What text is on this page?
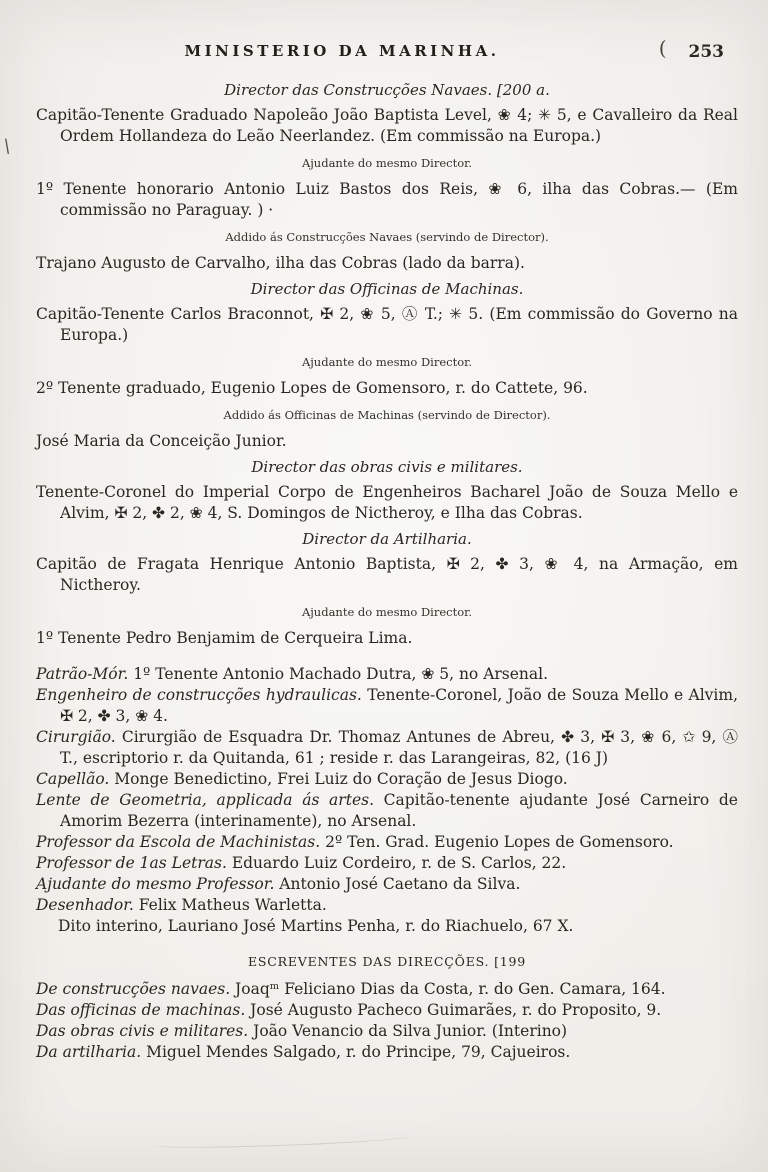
MINISTERIO DA MARINHA.	( 253
\

Director das Construcções Navaes. [200 a.

Capitão-Tenente Graduado Napoleão João Baptista Level, ❀ 4; ✳ 5, e Cavalleiro da Real Ordem Hollandeza do Leão Neerlandez. (Em commissão na Europa.)

Ajudante do mesmo Director.

1º Tenente honorario Antonio Luiz Bastos dos Reis, ❀ 6, ilha das Cobras.— (Em commissão no Paraguay. ) ·

Addido ás Construcções Navaes (servindo de Director).

Trajano Augusto de Carvalho, ilha das Cobras (lado da barra).

Director das Officinas de Machinas.

Capitão-Tenente Carlos Braconnot, ✠ 2, ❀ 5, Ⓐ T.; ✳ 5. (Em commissão do Governo na Europa.)

Ajudante do mesmo Director.

2º Tenente graduado, Eugenio Lopes de Gomensoro, r. do Cattete, 96.

Addido ás Officinas de Machinas (servindo de Director).

José Maria da Conceição Junior.

Director das obras civis e militares.

Tenente-Coronel do Imperial Corpo de Engenheiros Bacharel João de Souza Mello e Alvim, ✠ 2, ✤ 2, ❀ 4, S. Domingos de Nictheroy, e Ilha das Cobras.

Director da Artilharia.

Capitão de Fragata Henrique Antonio Baptista, ✠ 2, ✤ 3, ❀ 4, na Armação, em Nictheroy.

Ajudante do mesmo Director.

1º Tenente Pedro Benjamim de Cerqueira Lima.

Patrão-Mór. 1º Tenente Antonio Machado Dutra, ❀ 5, no Arsenal.

Engenheiro de construcções hydraulicas. Tenente-Coronel, João de Souza Mello e Alvim, ✠ 2, ✤ 3, ❀ 4.

Cirurgião. Cirurgião de Esquadra Dr. Thomaz Antunes de Abreu, ✤ 3, ✠ 3, ❀ 6, ✩ 9, Ⓐ T., escriptorio r. da Quitanda, 61 ; reside r. das Larangeiras, 82, (16 J)

Capellão. Monge Benedictino, Frei Luiz do Coração de Jesus Diogo.

Lente de Geometria, applicada ás artes. Capitão-tenente ajudante José Carneiro de Amorim Bezerra (interinamente), no Arsenal.

Professor da Escola de Machinistas. 2º Ten. Grad. Eugenio Lopes de Gomensoro.

Professor de 1as Letras. Eduardo Luiz Cordeiro, r. de S. Carlos, 22.

Ajudante do mesmo Professor. Antonio José Caetano da Silva.

Desenhador. Felix Matheus Warletta.

Dito interino, Lauriano José Martins Penha, r. do Riachuelo, 67 X.

ESCREVENTES DAS DIRECÇÕES. [199

De construcções navaes. Joaqᵐ Feliciano Dias da Costa, r. do Gen. Camara, 164.

Das officinas de machinas. José Augusto Pacheco Guimarães, r. do Proposito, 9.

Das obras civis e militares. João Venancio da Silva Junior. (Interino)

Da artilharia. Miguel Mendes Salgado, r. do Principe, 79, Cajueiros.
